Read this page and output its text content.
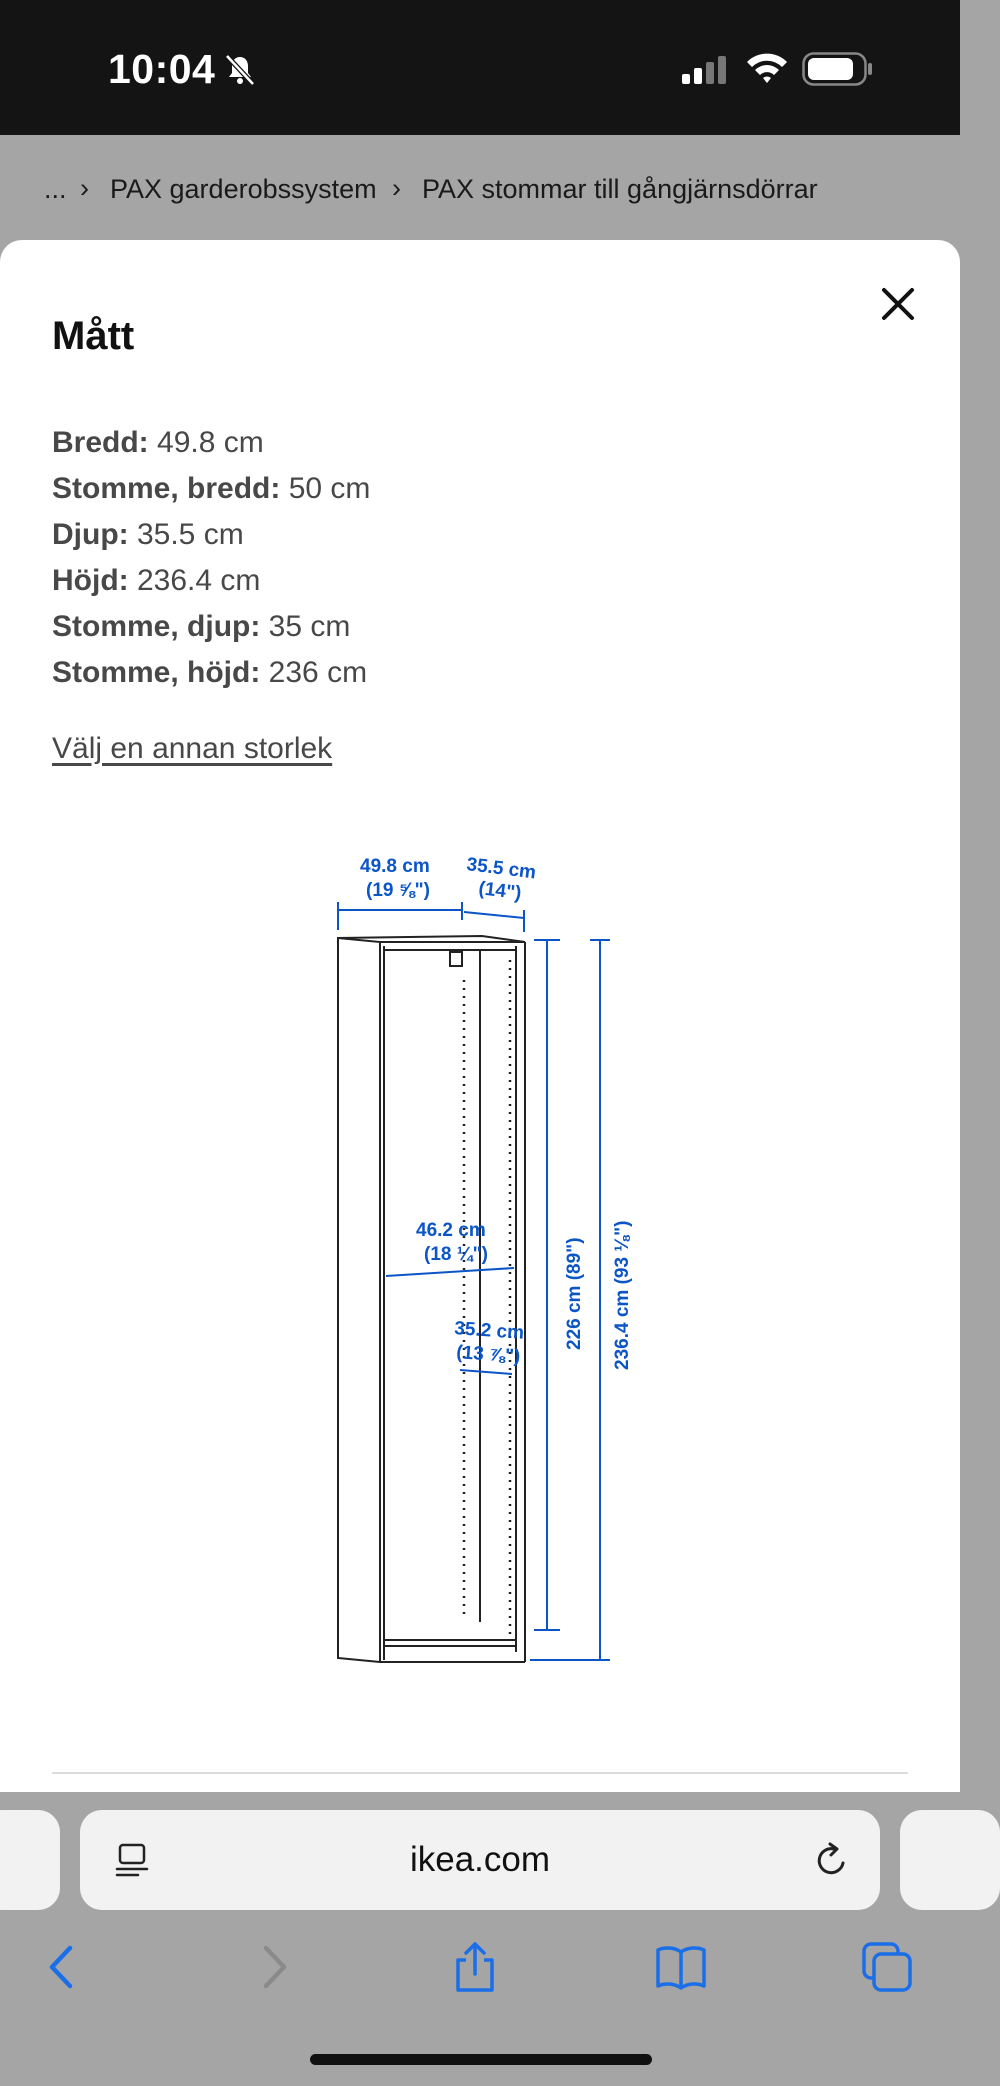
10:04
... › PAX garderobssystem › PAX stommar till gångjärnsdörrar
Mått
Bredd: 49.8 cm
Stomme, bredd: 50 cm
Djup: 35.5 cm
Höjd: 236.4 cm
Stomme, djup: 35 cm
Stomme, höjd: 236 cm
Välj en annan storlek
49.8 cm
(19 ⅝")
35.5 cm
(14")
46.2 cm
(18 ¼")
35.2 cm
(13 ⅞")
226 cm (89") 236.4 cm (93 ⅛")
ikea.com
